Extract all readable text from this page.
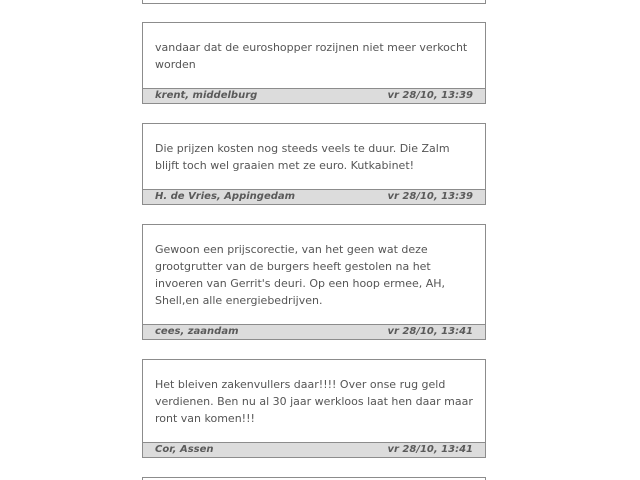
vandaar dat de euroshopper rozijnen niet meer verkocht worden
krent, middelburg	vr 28/10, 13:39
Die prijzen kosten nog steeds veels te duur. Die Zalm blijft toch wel graaien met ze euro. Kutkabinet!
H. de Vries, Appingedam	vr 28/10, 13:39
Gewoon een prijscorectie, van het geen wat deze grootgrutter van de burgers heeft gestolen na het invoeren van Gerrit's deuri. Op een hoop ermee, AH, Shell,en alle energiebedrijven.
cees, zaandam	vr 28/10, 13:41
Het bleiven zakenvullers daar!!!! Over onse rug geld verdienen. Ben nu al 30 jaar werkloos laat hen daar maar ront van komen!!!
Cor, Assen	vr 28/10, 13:41
